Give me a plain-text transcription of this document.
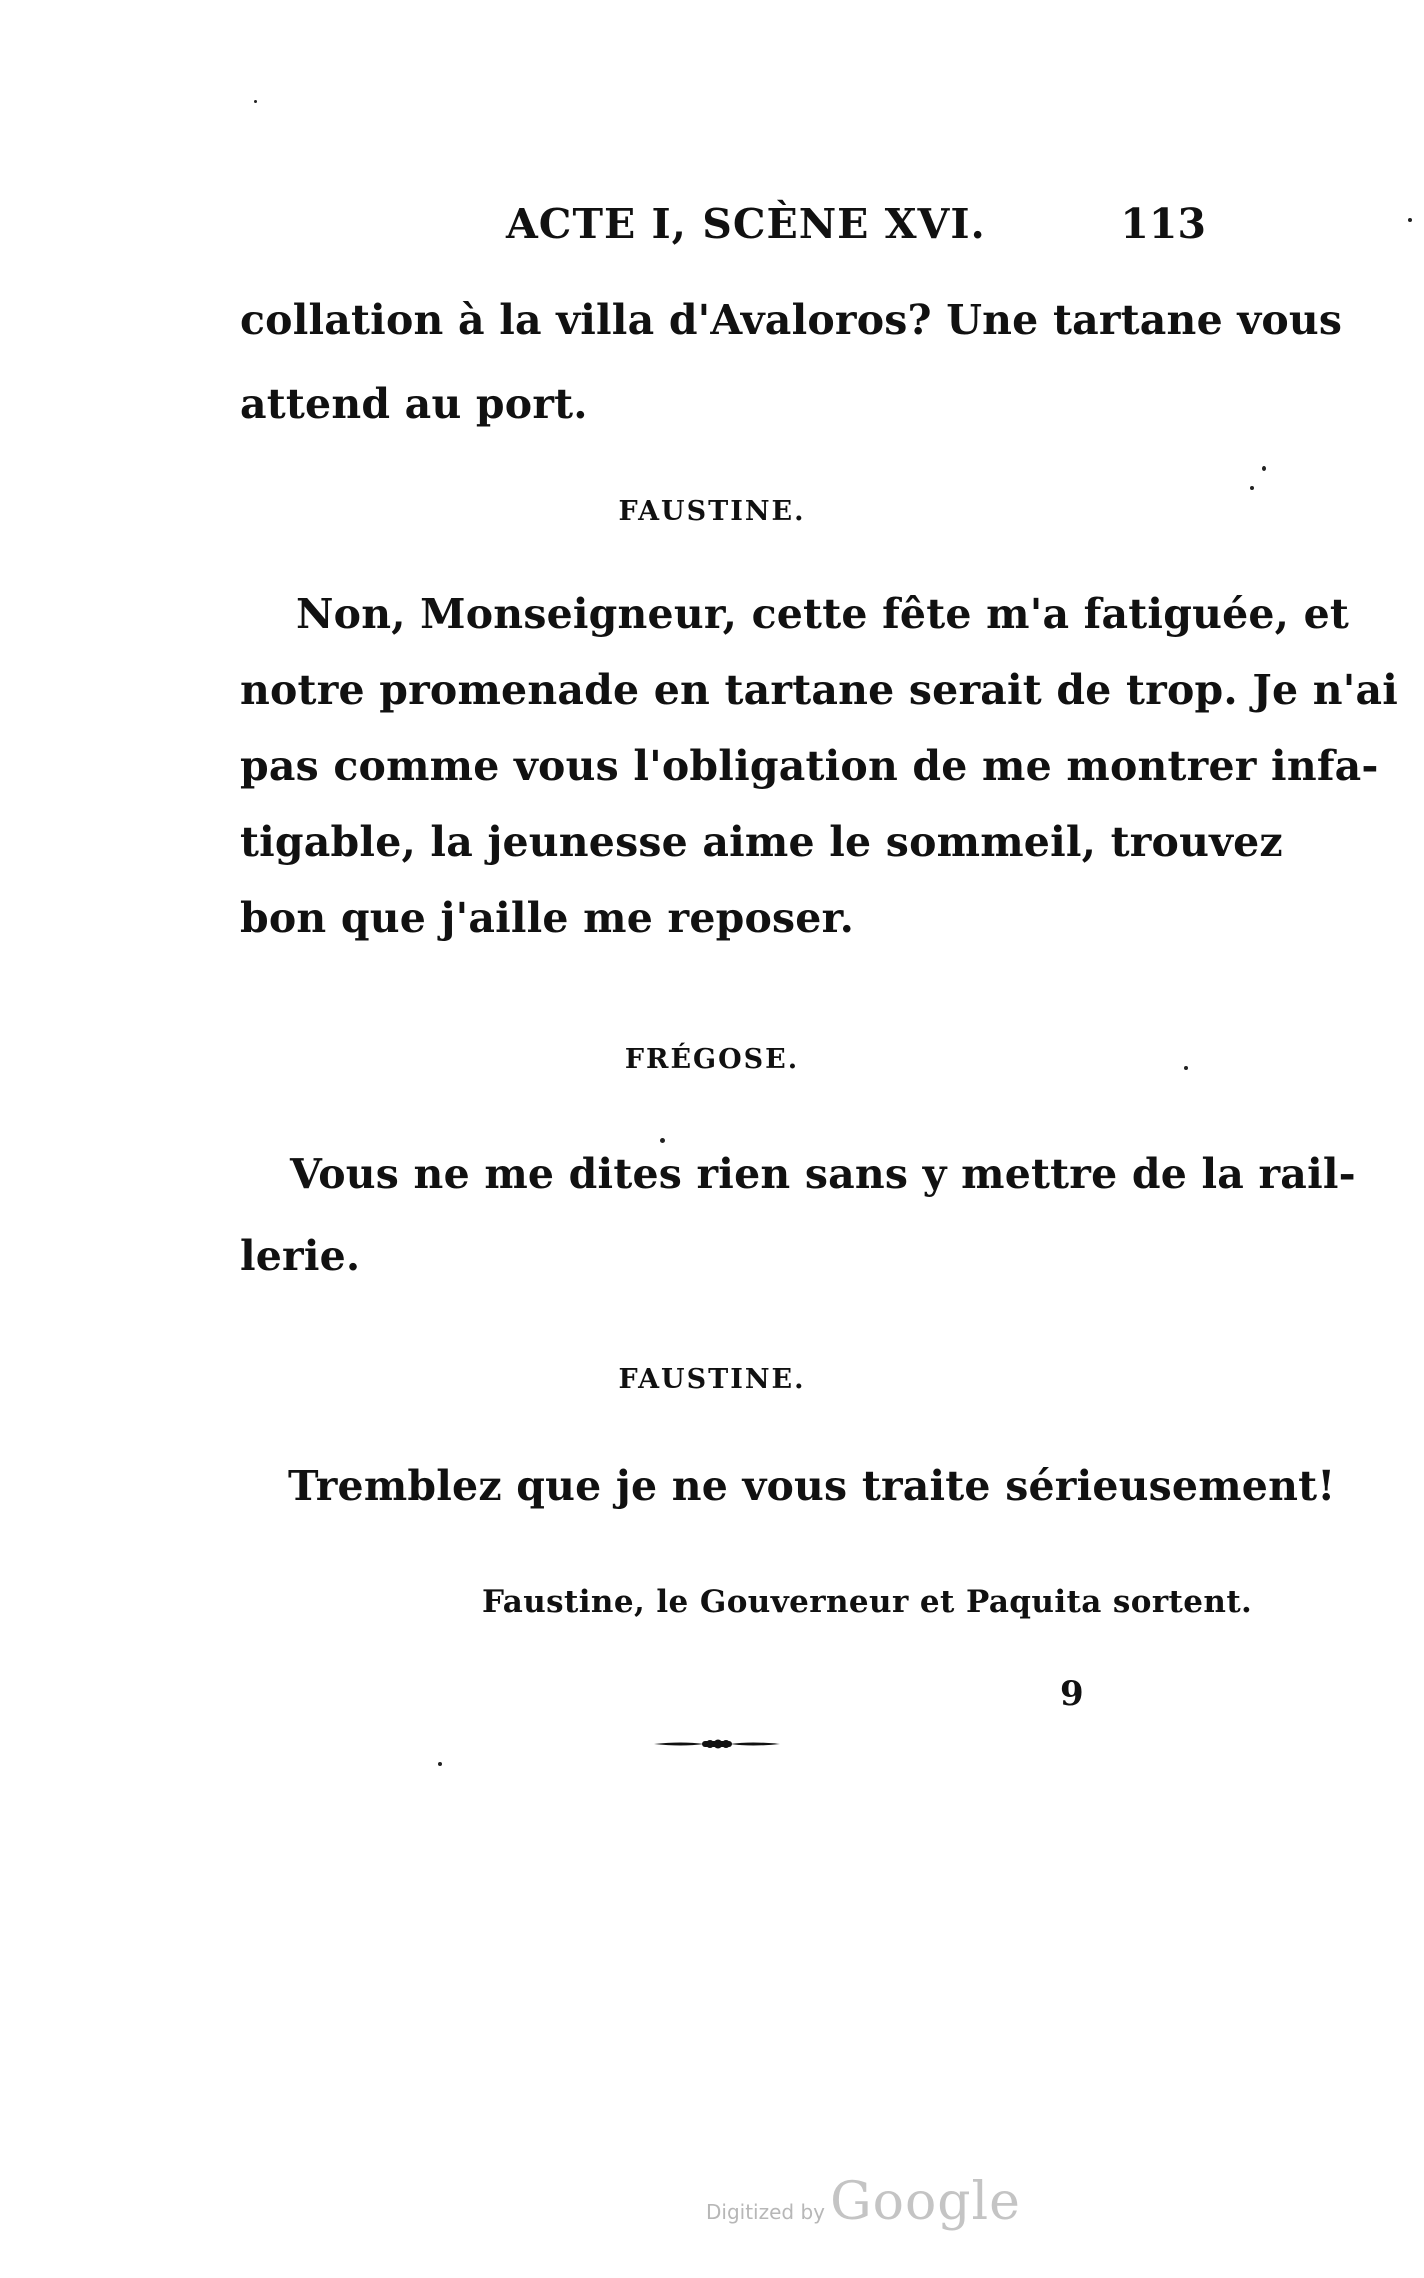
ACTE I, SCÈNE XVI.	113
collation à la villa d'Avaloros? Une tartane vous
attend au port.
FAUSTINE.
Non, Monseigneur, cette fête m'a fatiguée, et
notre promenade en tartane serait de trop. Je n'ai
pas comme vous l'obligation de me montrer infa-
tigable, la jeunesse aime le sommeil, trouvez
bon que j'aille me reposer.
FRÉGOSE.
Vous ne me dites rien sans y mettre de la rail-
lerie.
FAUSTINE.
Tremblez que je ne vous traite sérieusement!
Faustine, le Gouverneur et Paquita sortent.
9
Digitized by Google
